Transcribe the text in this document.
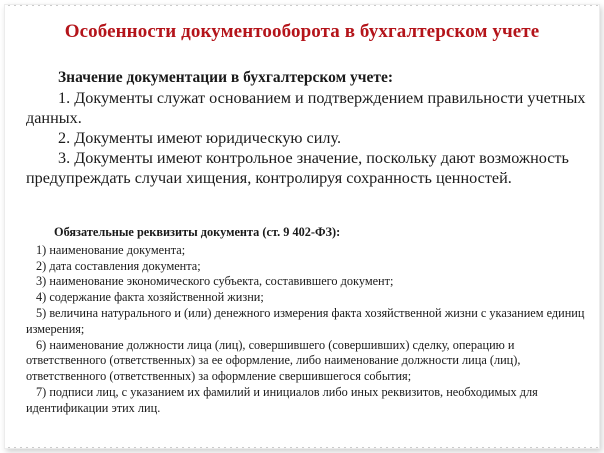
Особенности документооборота в бухгалтерском учете
Значение документации в бухгалтерском учете:
1. Документы служат основанием и подтверждением правильности учетных данных.
2. Документы имеют юридическую силу.
3. Документы имеют контрольное значение, поскольку дают возможность предупреждать случаи хищения, контролируя сохранность ценностей.
Обязательные реквизиты документа (ст. 9 402-ФЗ):
1) наименование документа;
2) дата составления документа;
3) наименование экономического субъекта, составившего документ;
4) содержание факта хозяйственной жизни;
5) величина натурального и (или) денежного измерения факта хозяйственной жизни с указанием единиц измерения;
6) наименование должности лица (лиц), совершившего (совершивших) сделку, операцию и ответственного (ответственных) за ее оформление, либо наименование должности лица (лиц), ответственного (ответственных) за оформление свершившегося события;
7) подписи лиц, с указанием их фамилий и инициалов либо иных реквизитов, необходимых для идентификации этих лиц.
